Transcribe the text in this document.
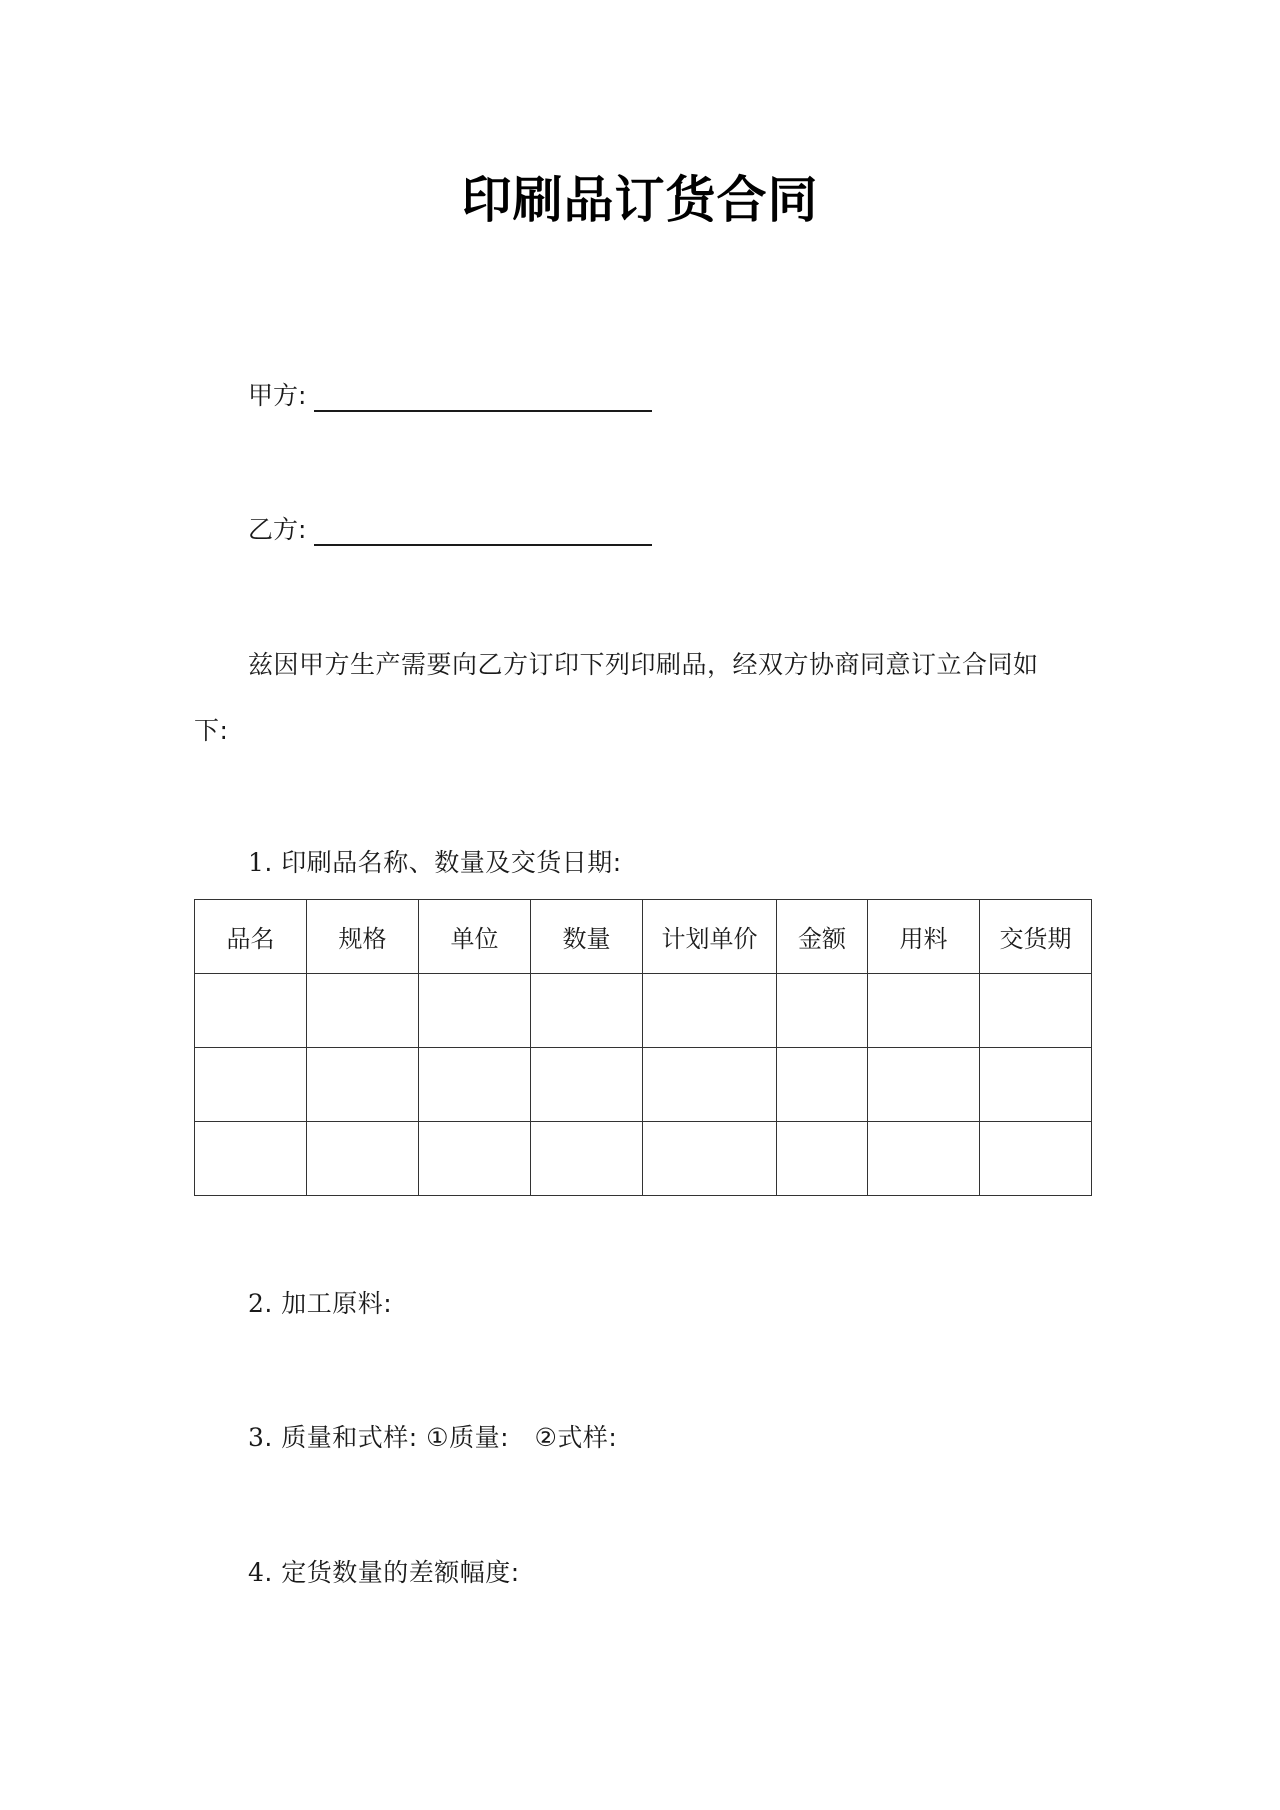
印刷品订货合同
甲方:
乙方:
兹因甲方生产需要向乙方订印下列印刷品，经双方协商同意订立合同如下:
1. 印刷品名称、数量及交货日期:
品名	规格	单位	数量	计划单价	金额	用料	交货期

2. 加工原料:
3. 质量和式样: ①质量:　②式样:
4. 定货数量的差额幅度:
